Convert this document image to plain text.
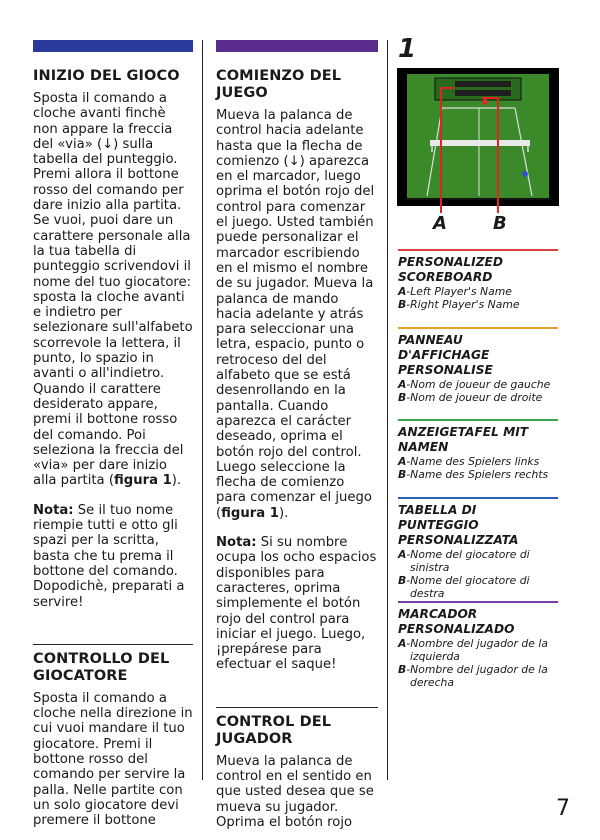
INIZIO DEL GIOCO

Sposta il comando a cloche avanti finchè non appare la freccia del «via» (↓) sulla tabella del punteggio. Premi allora il bottone rosso del comando per dare inizio alla partita. Se vuoi, puoi dare un carattere personale alla la tua tabella di punteggio scrivendovi il nome del tuo giocatore: sposta la cloche avanti e indietro per selezionare sull'alfabeto scorrevole la lettera, il punto, lo spazio in avanti o all'indietro. Quando il carattere desiderato appare, premi il bottone rosso del comando. Poi seleziona la freccia del «via» per dare inizio alla partita (figura 1).

Nota: Se il tuo nome riempie tutti e otto gli spazi per la scritta, basta che tu prema il bottone del comando. Dopodichè, preparati a servire!

CONTROLLO DEL GIOCATORE

Sposta il comando a cloche nella direzione in cui vuoi mandare il tuo giocatore. Premi il bottone rosso del comando per servire la palla. Nelle partite con un solo giocatore devi premere il bottone

COMIENZO DEL JUEGO

Mueva la palanca de control hacia adelante hasta que la flecha de comienzo (↓) aparezca en el marcador, luego oprima el botón rojo del control para comenzar el juego. Usted también puede personalizar el marcador escribiendo en el mismo el nombre de su jugador. Mueva la palanca de mando hacia adelante y atrás para seleccionar una letra, espacio, punto o retroceso del del alfabeto que se está desenrollando en la pantalla. Cuando aparezca el carácter deseado, oprima el botón rojo del control. Luego seleccione la flecha de comienzo para comenzar el juego (figura 1).

Nota: Si su nombre ocupa los ocho espacios disponibles para caracteres, oprima simplemente el botón rojo del control para iniciar el juego. Luego, ¡prepárese para efectuar el saque!

CONTROL DEL JUGADOR

Mueva la palanca de control en el sentido en que usted desea que se mueva su jugador. Oprima el botón rojo

1
A	B
PERSONALIZED SCOREBOARD
A-Left Player's Name
B-Right Player's Name
PANNEAU D'AFFICHAGE PERSONALISE
A-Nom de joueur de gauche
B-Nom de joueur de droite
ANZEIGETAFEL MIT NAMEN
A-Name des Spielers links
B-Name des Spielers rechts
TABELLA DI PUNTEGGIO PERSONALIZZATA
A-Nome del giocatore di sinistra
B-Nome del giocatore di destra
MARCADOR PERSONALIZADO
A-Nombre del jugador de la izquierda
B-Nombre del jugador de la derecha
7
